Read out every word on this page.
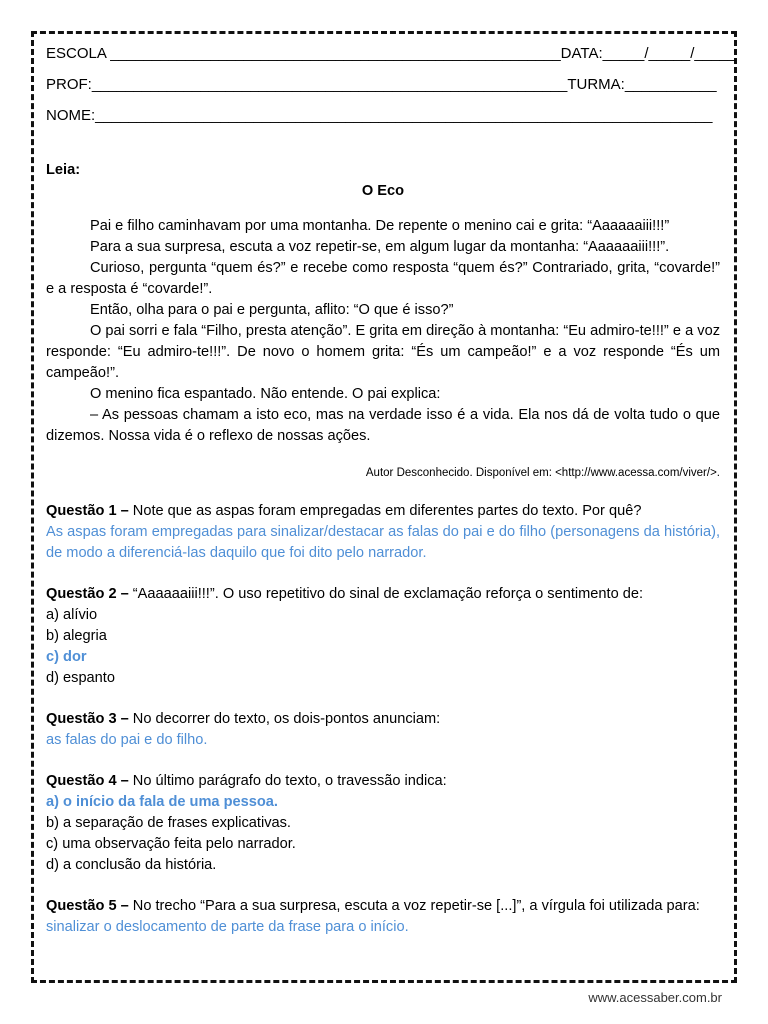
ESCOLA ______________________________________________________DATA:_____/_____/_____
PROF:_________________________________________________________TURMA:___________
NOME:__________________________________________________________________________
Leia:
O Eco

Pai e filho caminhavam por uma montanha. De repente o menino cai e grita: “Aaaaaaiii!!!”

Para a sua surpresa, escuta a voz repetir-se, em algum lugar da montanha: “Aaaaaaiii!!!”.

Curioso, pergunta “quem és?” e recebe como resposta “quem és?” Contrariado, grita, “covarde!” e a resposta é “covarde!”.

Então, olha para o pai e pergunta, aflito: “O que é isso?”

O pai sorri e fala “Filho, presta atenção”. E grita em direção à montanha: “Eu admiro-te!!!” e a voz responde: “Eu admiro-te!!!”. De novo o homem grita: “És um campeão!” e a voz responde “És um campeão!”.

O menino fica espantado. Não entende. O pai explica:

– As pessoas chamam a isto eco, mas na verdade isso é a vida. Ela nos dá de volta tudo o que dizemos. Nossa vida é o reflexo de nossas ações.

Autor Desconhecido. Disponível em: <http://www.acessa.com/viver/>.
Questão 1 – Note que as aspas foram empregadas em diferentes partes do texto. Por quê?
As aspas foram empregadas para sinalizar/destacar as falas do pai e do filho (personagens da história), de modo a diferenciá-las daquilo que foi dito pelo narrador.
Questão 2 – “Aaaaaaiii!!!”. O uso repetitivo do sinal de exclamação reforça o sentimento de:
a) alívio
b) alegria
c) dor
d) espanto
Questão 3 – No decorrer do texto, os dois-pontos anunciam:
as falas do pai e do filho.
Questão 4 – No último parágrafo do texto, o travessão indica:
a) o início da fala de uma pessoa.
b) a separação de frases explicativas.
c) uma observação feita pelo narrador.
d) a conclusão da história.
Questão 5 – No trecho “Para a sua surpresa, escuta a voz repetir-se [...]”, a vírgula foi utilizada para:
sinalizar o deslocamento de parte da frase para o início.
www.acessaber.com.br
